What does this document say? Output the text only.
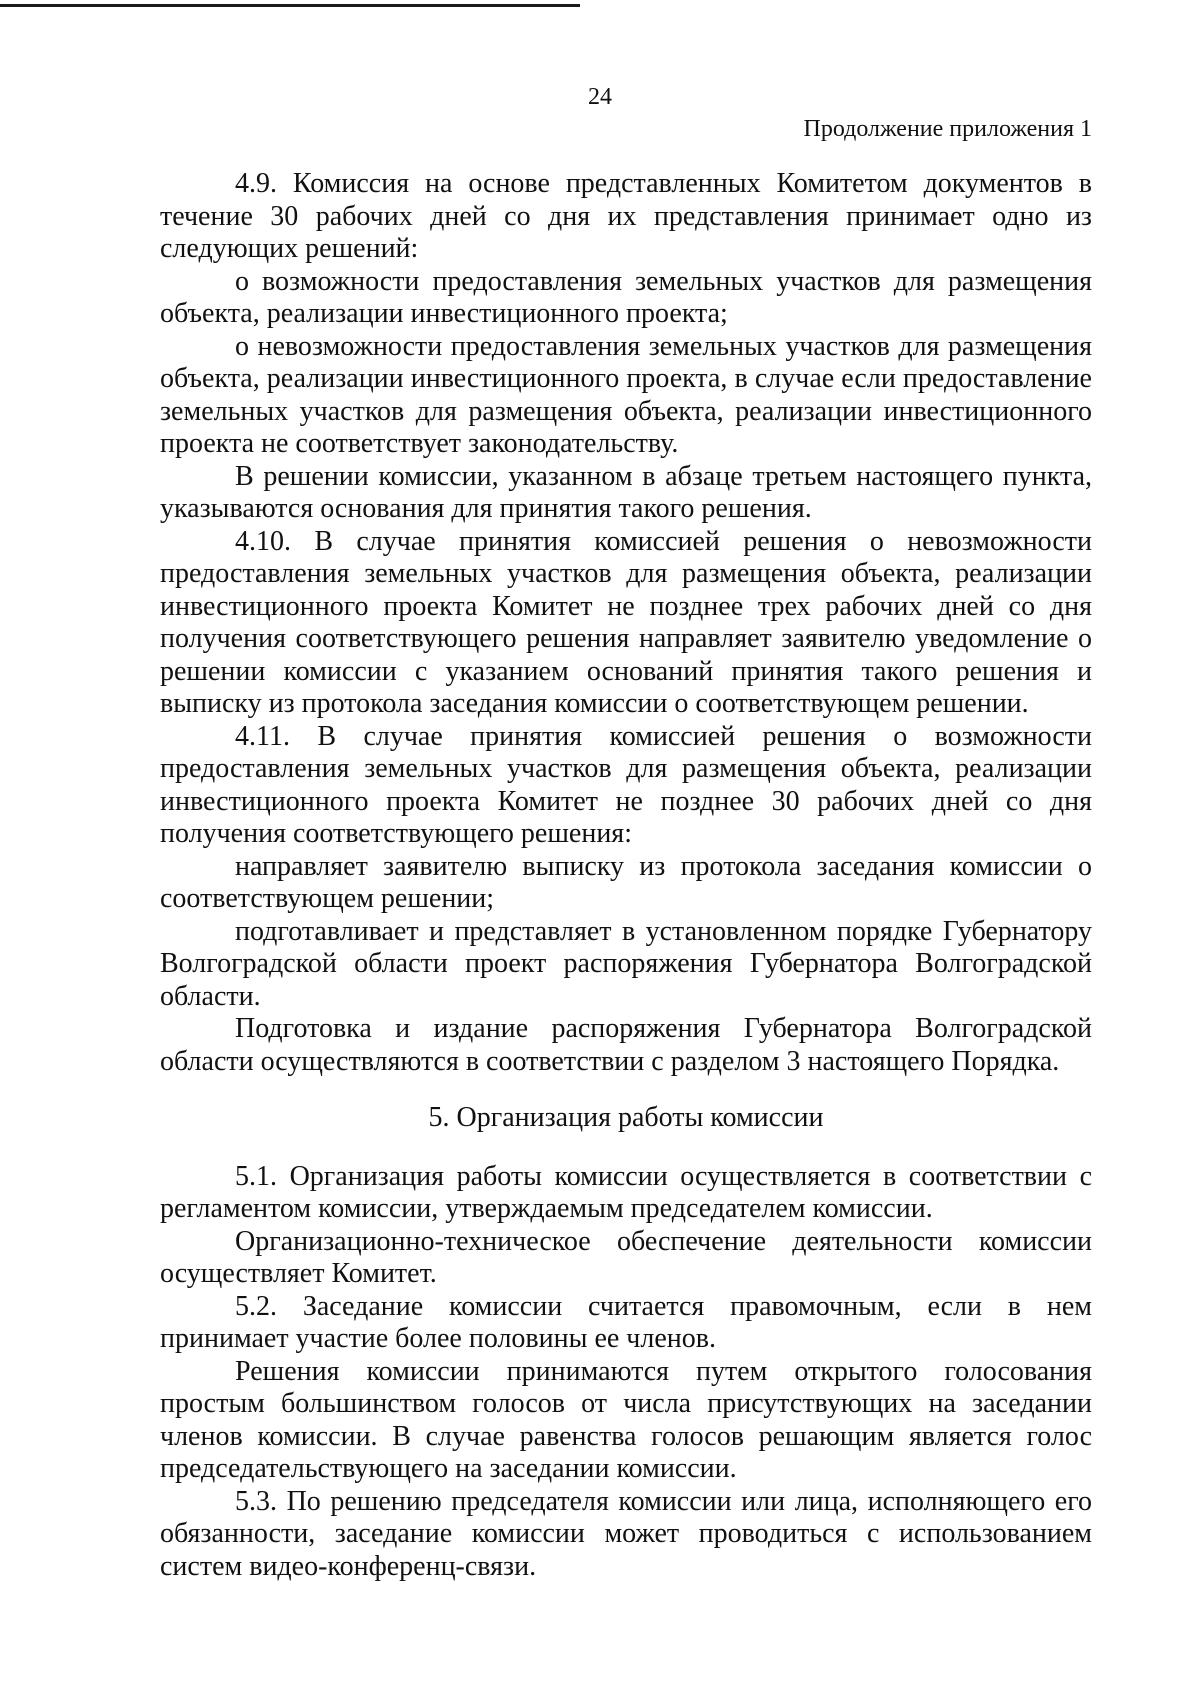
24
Продолжение приложения 1

4.9. Комиссия на основе представленных Комитетом документов в течение 30 рабочих дней со дня их представления принимает одно из следующих решений:

о возможности предоставления земельных участков для размещения объекта, реализации инвестиционного проекта;

о невозможности предоставления земельных участков для размещения объекта, реализации инвестиционного проекта, в случае если предоставление земельных участков для размещения объекта, реализации инвестиционного проекта не соответствует законодательству.

В решении комиссии, указанном в абзаце третьем настоящего пункта, указываются основания для принятия такого решения.

4.10. В случае принятия комиссией решения о невозможности предоставления земельных участков для размещения объекта, реализации инвестиционного проекта Комитет не позднее трех рабочих дней со дня получения соответствующего решения направляет заявителю уведомление о решении комиссии с указанием оснований принятия такого решения и выписку из протокола заседания комиссии о соответствующем решении.

4.11. В случае принятия комиссией решения о возможности предоставления земельных участков для размещения объекта, реализации инвестиционного проекта Комитет не позднее 30 рабочих дней со дня получения соответствующего решения:

направляет заявителю выписку из протокола заседания комиссии о соответствующем решении;

подготавливает и представляет в установленном порядке Губернатору Волгоградской области проект распоряжения Губернатора Волгоградской области.

Подготовка и издание распоряжения Губернатора Волгоградской области осуществляются в соответствии с разделом 3 настоящего Порядка.

5. Организация работы комиссии

5.1. Организация работы комиссии осуществляется в соответствии с регламентом комиссии, утверждаемым председателем комиссии.

Организационно-техническое обеспечение деятельности комиссии осуществляет Комитет.

5.2. Заседание комиссии считается правомочным, если в нем принимает участие более половины ее членов.

Решения комиссии принимаются путем открытого голосования простым большинством голосов от числа присутствующих на заседании членов комиссии. В случае равенства голосов решающим является голос председательствующего на заседании комиссии.

5.3. По решению председателя комиссии или лица, исполняющего его обязанности, заседание комиссии может проводиться с использованием систем видео-конференц-связи.
